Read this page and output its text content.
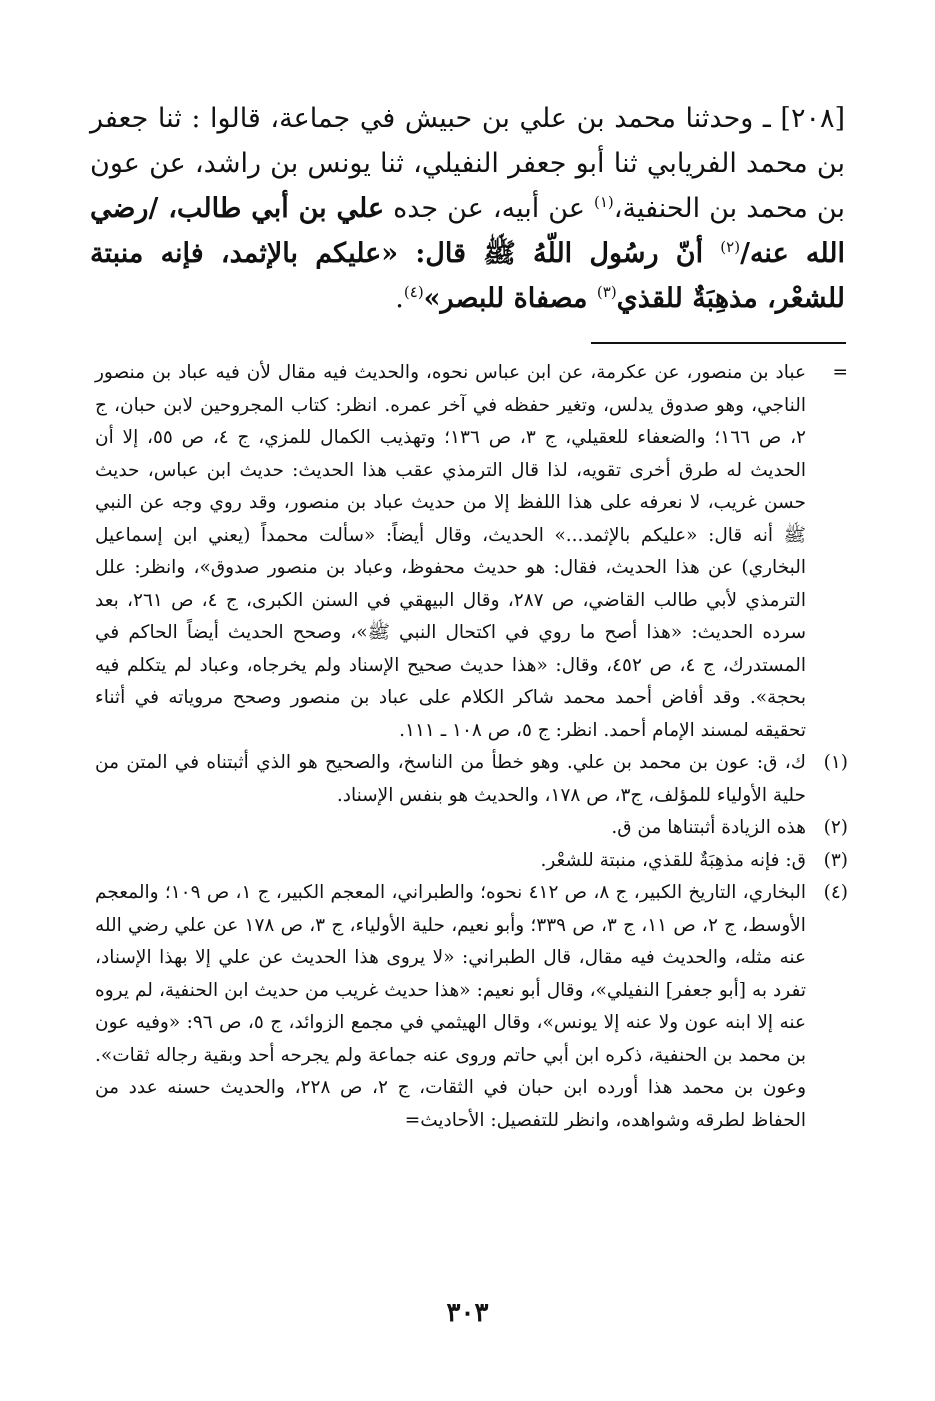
[٢٠٨] ـ وحدثنا محمد بن علي بن حبيش في جماعة، قالوا : ثنا جعفر بن محمد الفريابي ثنا أبو جعفر النفيلي، ثنا يونس بن راشد، عن عون بن محمد بن الحنفية،$^{(١)}$ عن أبيه، عن جده علي بن أبي طالب، /رضي الله عنه/$^{(٢)}$ أنّ رسُول اللّهُ ﷺ قال: «عليكم بالإثمد، فإنه منبتة للشعْر، مذهِبَةٌ للقذي$^{(٣)}$ مصفاة للبصر»$^{(٤)}$.
=
عباد بن منصور، عن عكرمة، عن ابن عباس نحوه، والحديث فيه مقال لأن فيه عباد بن منصور الناجي، وهو صدوق يدلس، وتغير حفظه في آخر عمره. انظر: كتاب المجروحين لابن حبان، ج ٢، ص ١٦٦؛ والضعفاء للعقيلي، ج ٣، ص ١٣٦؛ وتهذيب الكمال للمزي، ج ٤، ص ٥٥، إلا أن الحديث له طرق أخرى تقويه، لذا قال الترمذي عقب هذا الحديث: حديث ابن عباس، حديث حسن غريب، لا نعرفه على هذا اللفظ إلا من حديث عباد بن منصور، وقد روي وجه عن النبي ﷺ أنه قال: «عليكم بالإثمد...» الحديث، وقال أيضاً: «سألت محمداً (يعني ابن إسماعيل البخاري) عن هذا الحديث، فقال: هو حديث محفوظ، وعباد بن منصور صدوق»، وانظر: علل الترمذي لأبي طالب القاضي، ص ٢٨٧، وقال البيهقي في السنن الكبرى، ج ٤، ص ٢٦١، بعد سرده الحديث: «هذا أصح ما روي في اكتحال النبي ﷺ»، وصحح الحديث أيضاً الحاكم في المستدرك، ج ٤، ص ٤٥٢، وقال: «هذا حديث صحيح الإسناد ولم يخرجاه، وعباد لم يتكلم فيه بحجة». وقد أفاض أحمد محمد شاكر الكلام على عباد بن منصور وصحح مروياته في أثناء تحقيقه لمسند الإمام أحمد. انظر: ج ٥، ص ١٠٨ ـ ١١١.
(١)
ك، ق: عون بن محمد بن علي. وهو خطأ من الناسخ، والصحيح هو الذي أثبتناه في المتن من حلية الأولياء للمؤلف، ج٣، ص ١٧٨، والحديث هو بنفس الإسناد.
(٢)
هذه الزيادة أثبتناها من ق.
(٣)
ق: فإنه مذهِبَةٌ للقذي، منبتة للشعْر.
(٤)
البخاري، التاريخ الكبير، ج ٨، ص ٤١٢ نحوه؛ والطبراني، المعجم الكبير، ج ١، ص ١٠٩؛ والمعجم الأوسط، ج ٢، ص ١١، ج ٣، ص ٣٣٩؛ وأبو نعيم، حلية الأولياء، ج ٣، ص ١٧٨ عن علي رضي الله عنه مثله، والحديث فيه مقال، قال الطبراني: «لا يروى هذا الحديث عن علي إلا بهذا الإسناد، تفرد به [أبو جعفر] النفيلي»، وقال أبو نعيم: «هذا حديث غريب من حديث ابن الحنفية، لم يروه عنه إلا ابنه عون ولا عنه إلا يونس»، وقال الهيثمي في مجمع الزوائد، ج ٥، ص ٩٦: «وفيه عون بن محمد بن الحنفية، ذكره ابن أبي حاتم وروى عنه جماعة ولم يجرحه أحد وبقية رجاله ثقات». وعون بن محمد هذا أورده ابن حبان في الثقات، ج ٢، ص ٢٢٨، والحديث حسنه عدد من الحفاظ لطرقه وشواهده، وانظر للتفصيل: الأحاديث=
٣٠٣
